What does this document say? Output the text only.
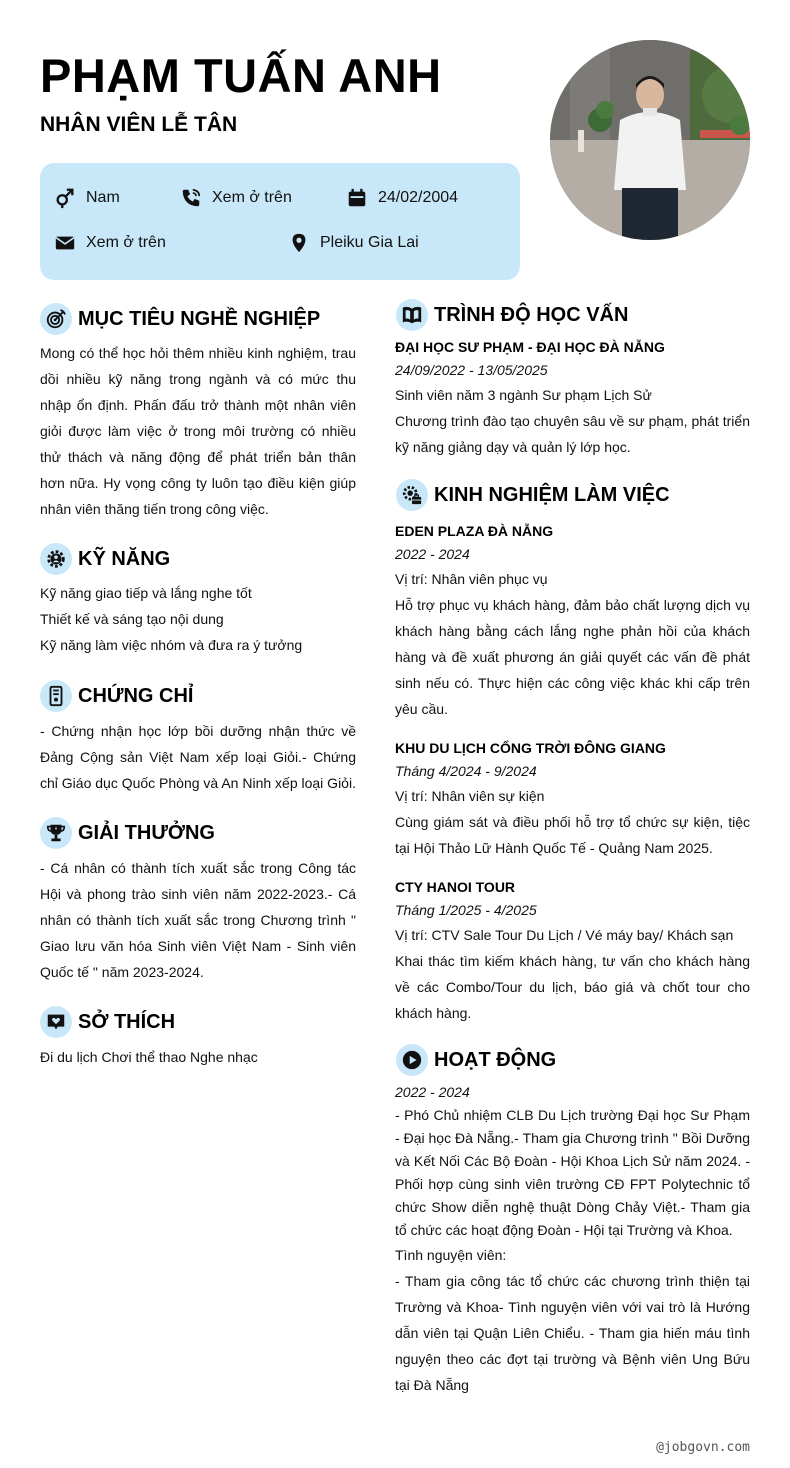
PHẠM TUẤN ANH
NHÂN VIÊN LỄ TÂN
Nam	Xem ở trên	24/02/2004
Xem ở trên	Pleiku Gia Lai
MỤC TIÊU NGHỀ NGHIỆP
Mong có thể học hỏi thêm nhiều kinh nghiệm, trau dồi nhiều kỹ năng trong ngành và có mức thu nhập ổn định. Phấn đấu trở thành một nhân viên giỏi được làm việc ở trong môi trường có nhiều thử thách và năng động để phát triển bản thân hơn nữa. Hy vọng công ty luôn tạo điều kiện giúp nhân viên thăng tiến trong công việc.
KỸ NĂNG
Kỹ năng giao tiếp và lắng nghe tốt
Thiết kế và sáng tạo nội dung
Kỹ năng làm việc nhóm và đưa ra ý tưởng
CHỨNG CHỈ
- Chứng nhận học lớp bồi dưỡng nhận thức về Đảng Cộng sản Việt Nam xếp loại Giỏi.- Chứng chỉ Giáo dục Quốc Phòng và An Ninh xếp loại Giỏi.
GIẢI THƯỞNG
- Cá nhân có thành tích xuất sắc trong Công tác Hội và phong trào sinh viên năm 2022-2023.- Cá nhân có thành tích xuất sắc trong Chương trình " Giao lưu văn hóa Sinh viên Việt Nam - Sinh viên Quốc tế " năm 2023-2024.
SỞ THÍCH
Đi du lịch Chơi thể thao Nghe nhạc
TRÌNH ĐỘ HỌC VẤN
ĐẠI HỌC SƯ PHẠM - ĐẠI HỌC ĐÀ NẴNG
24/09/2022 - 13/05/2025
Sinh viên năm 3 ngành Sư phạm Lịch Sử
Chương trình đào tạo chuyên sâu về sư phạm, phát triển kỹ năng giảng dạy và quản lý lớp học.
KINH NGHIỆM LÀM VIỆC
EDEN PLAZA ĐÀ NẴNG
2022 - 2024
Vị trí: Nhân viên phục vụ
Hỗ trợ phục vụ khách hàng, đảm bảo chất lượng dịch vụ khách hàng bằng cách lắng nghe phản hồi của khách hàng và đề xuất phương án giải quyết các vấn đề phát sinh nếu có. Thực hiện các công việc khác khi cấp trên yêu cầu.
KHU DU LỊCH CỔNG TRỜI ĐÔNG GIANG
Tháng 4/2024 - 9/2024
Vị trí: Nhân viên sự kiện
Cùng giám sát và điều phối hỗ trợ tổ chức sự kiện, tiệc tại Hội Thảo Lữ Hành Quốc Tế - Quảng Nam 2025.
CTY HANOI TOUR
Tháng 1/2025 - 4/2025
Vị trí: CTV Sale Tour Du Lịch / Vé máy bay/ Khách sạn
Khai thác tìm kiếm khách hàng, tư vấn cho khách hàng về các Combo/Tour du lịch, báo giá và chốt tour cho khách hàng.
HOẠT ĐỘNG
2022 - 2024
- Phó Chủ nhiệm CLB Du Lịch trường Đại học Sư Phạm - Đại học Đà Nẵng.- Tham gia Chương trình " Bồi Dưỡng và Kết Nối Các Bộ Đoàn - Hội Khoa Lịch Sử năm 2024. - Phối hợp cùng sinh viên trường CĐ FPT Polytechnic tổ chức Show diễn nghệ thuật Dòng Chảy Việt.- Tham gia tổ chức các hoạt động Đoàn - Hội tại Trường và Khoa.
Tình nguyện viên:
- Tham gia công tác tổ chức các chương trình thiện tại Trường và Khoa- Tình nguyện viên với vai trò là Hướng dẫn viên tại Quận Liên Chiểu. - Tham gia hiến máu tình nguyện theo các đợt tại trường và Bệnh viên Ung Bứu tại Đà Nẵng
@jobgovn.com
